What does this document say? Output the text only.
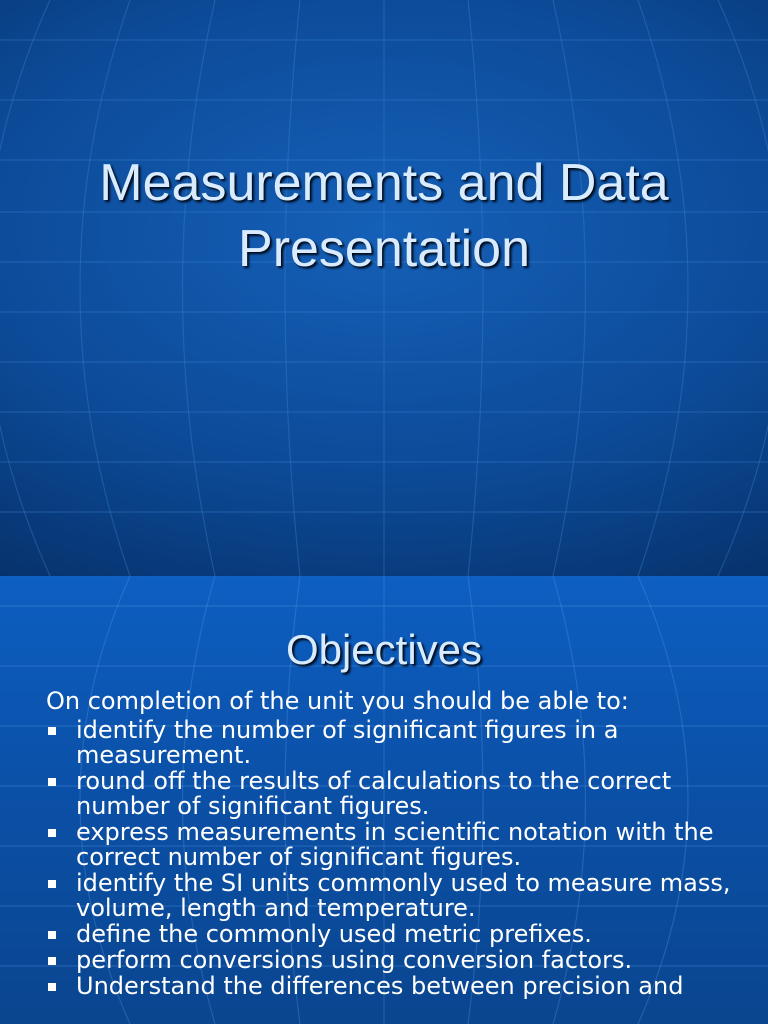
Measurements and Data
Presentation
Objectives
On completion of the unit you should be able to:
identify the number of significant figures in a measurement.
round off the results of calculations to the correct number of significant figures.
express measurements in scientific notation with the correct number of significant figures.
identify the SI units commonly used to measure mass, volume, length and temperature.
define the commonly used metric prefixes.
perform conversions using conversion factors.
Understand the differences between precision and
